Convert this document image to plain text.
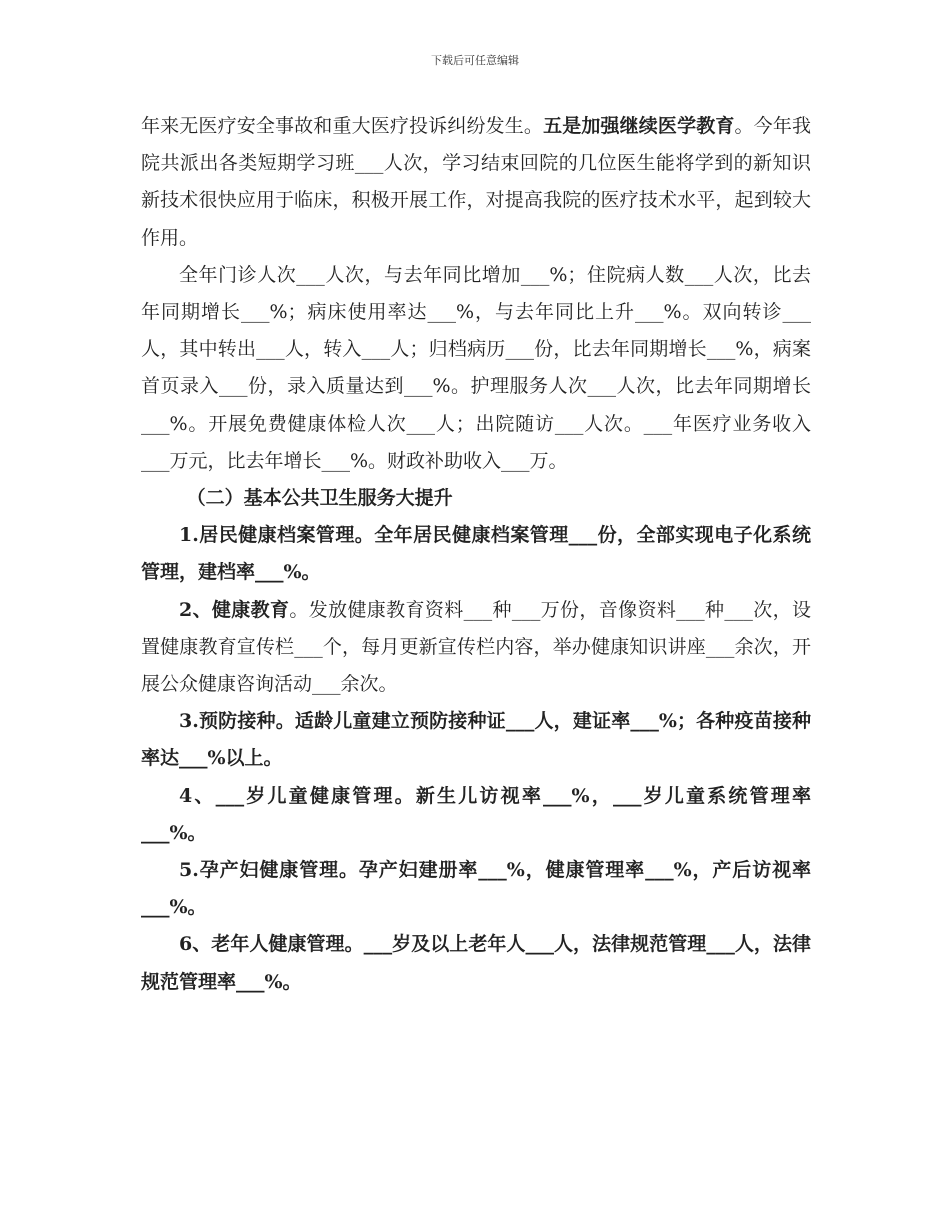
下载后可任意编辑

年来无医疗安全事故和重大医疗投诉纠纷发生。五是加强继续医学教育。今年我院共派出各类短期学习班___人次，学习结束回院的几位医生能将学到的新知识新技术很快应用于临床，积极开展工作，对提高我院的医疗技术水平，起到较大作用。

全年门诊人次___人次，与去年同比增加___%；住院病人数___人次，比去年同期增长___%；病床使用率达___%，与去年同比上升___%。双向转诊___人，其中转出___人，转入___人；归档病历___份，比去年同期增长___%，病案首页录入___份，录入质量达到___%。护理服务人次___人次，比去年同期增长___%。开展免费健康体检人次___人；出院随访___人次。___年医疗业务收入___万元，比去年增长___%。财政补助收入___万。

（二）基本公共卫生服务大提升

1.居民健康档案管理。全年居民健康档案管理___份，全部实现电子化系统管理，建档率___%。

2、健康教育。发放健康教育资料___种___万份，音像资料___种___次，设置健康教育宣传栏___个，每月更新宣传栏内容，举办健康知识讲座___余次，开展公众健康咨询活动___余次。

3.预防接种。适龄儿童建立预防接种证___人，建证率___%；各种疫苗接种率达___%以上。

4、___岁儿童健康管理。新生儿访视率___%，___岁儿童系统管理率___%。

5.孕产妇健康管理。孕产妇建册率___%，健康管理率___%，产后访视率___%。

6、老年人健康管理。___岁及以上老年人___人，法律规范管理___人，法律规范管理率___%。
